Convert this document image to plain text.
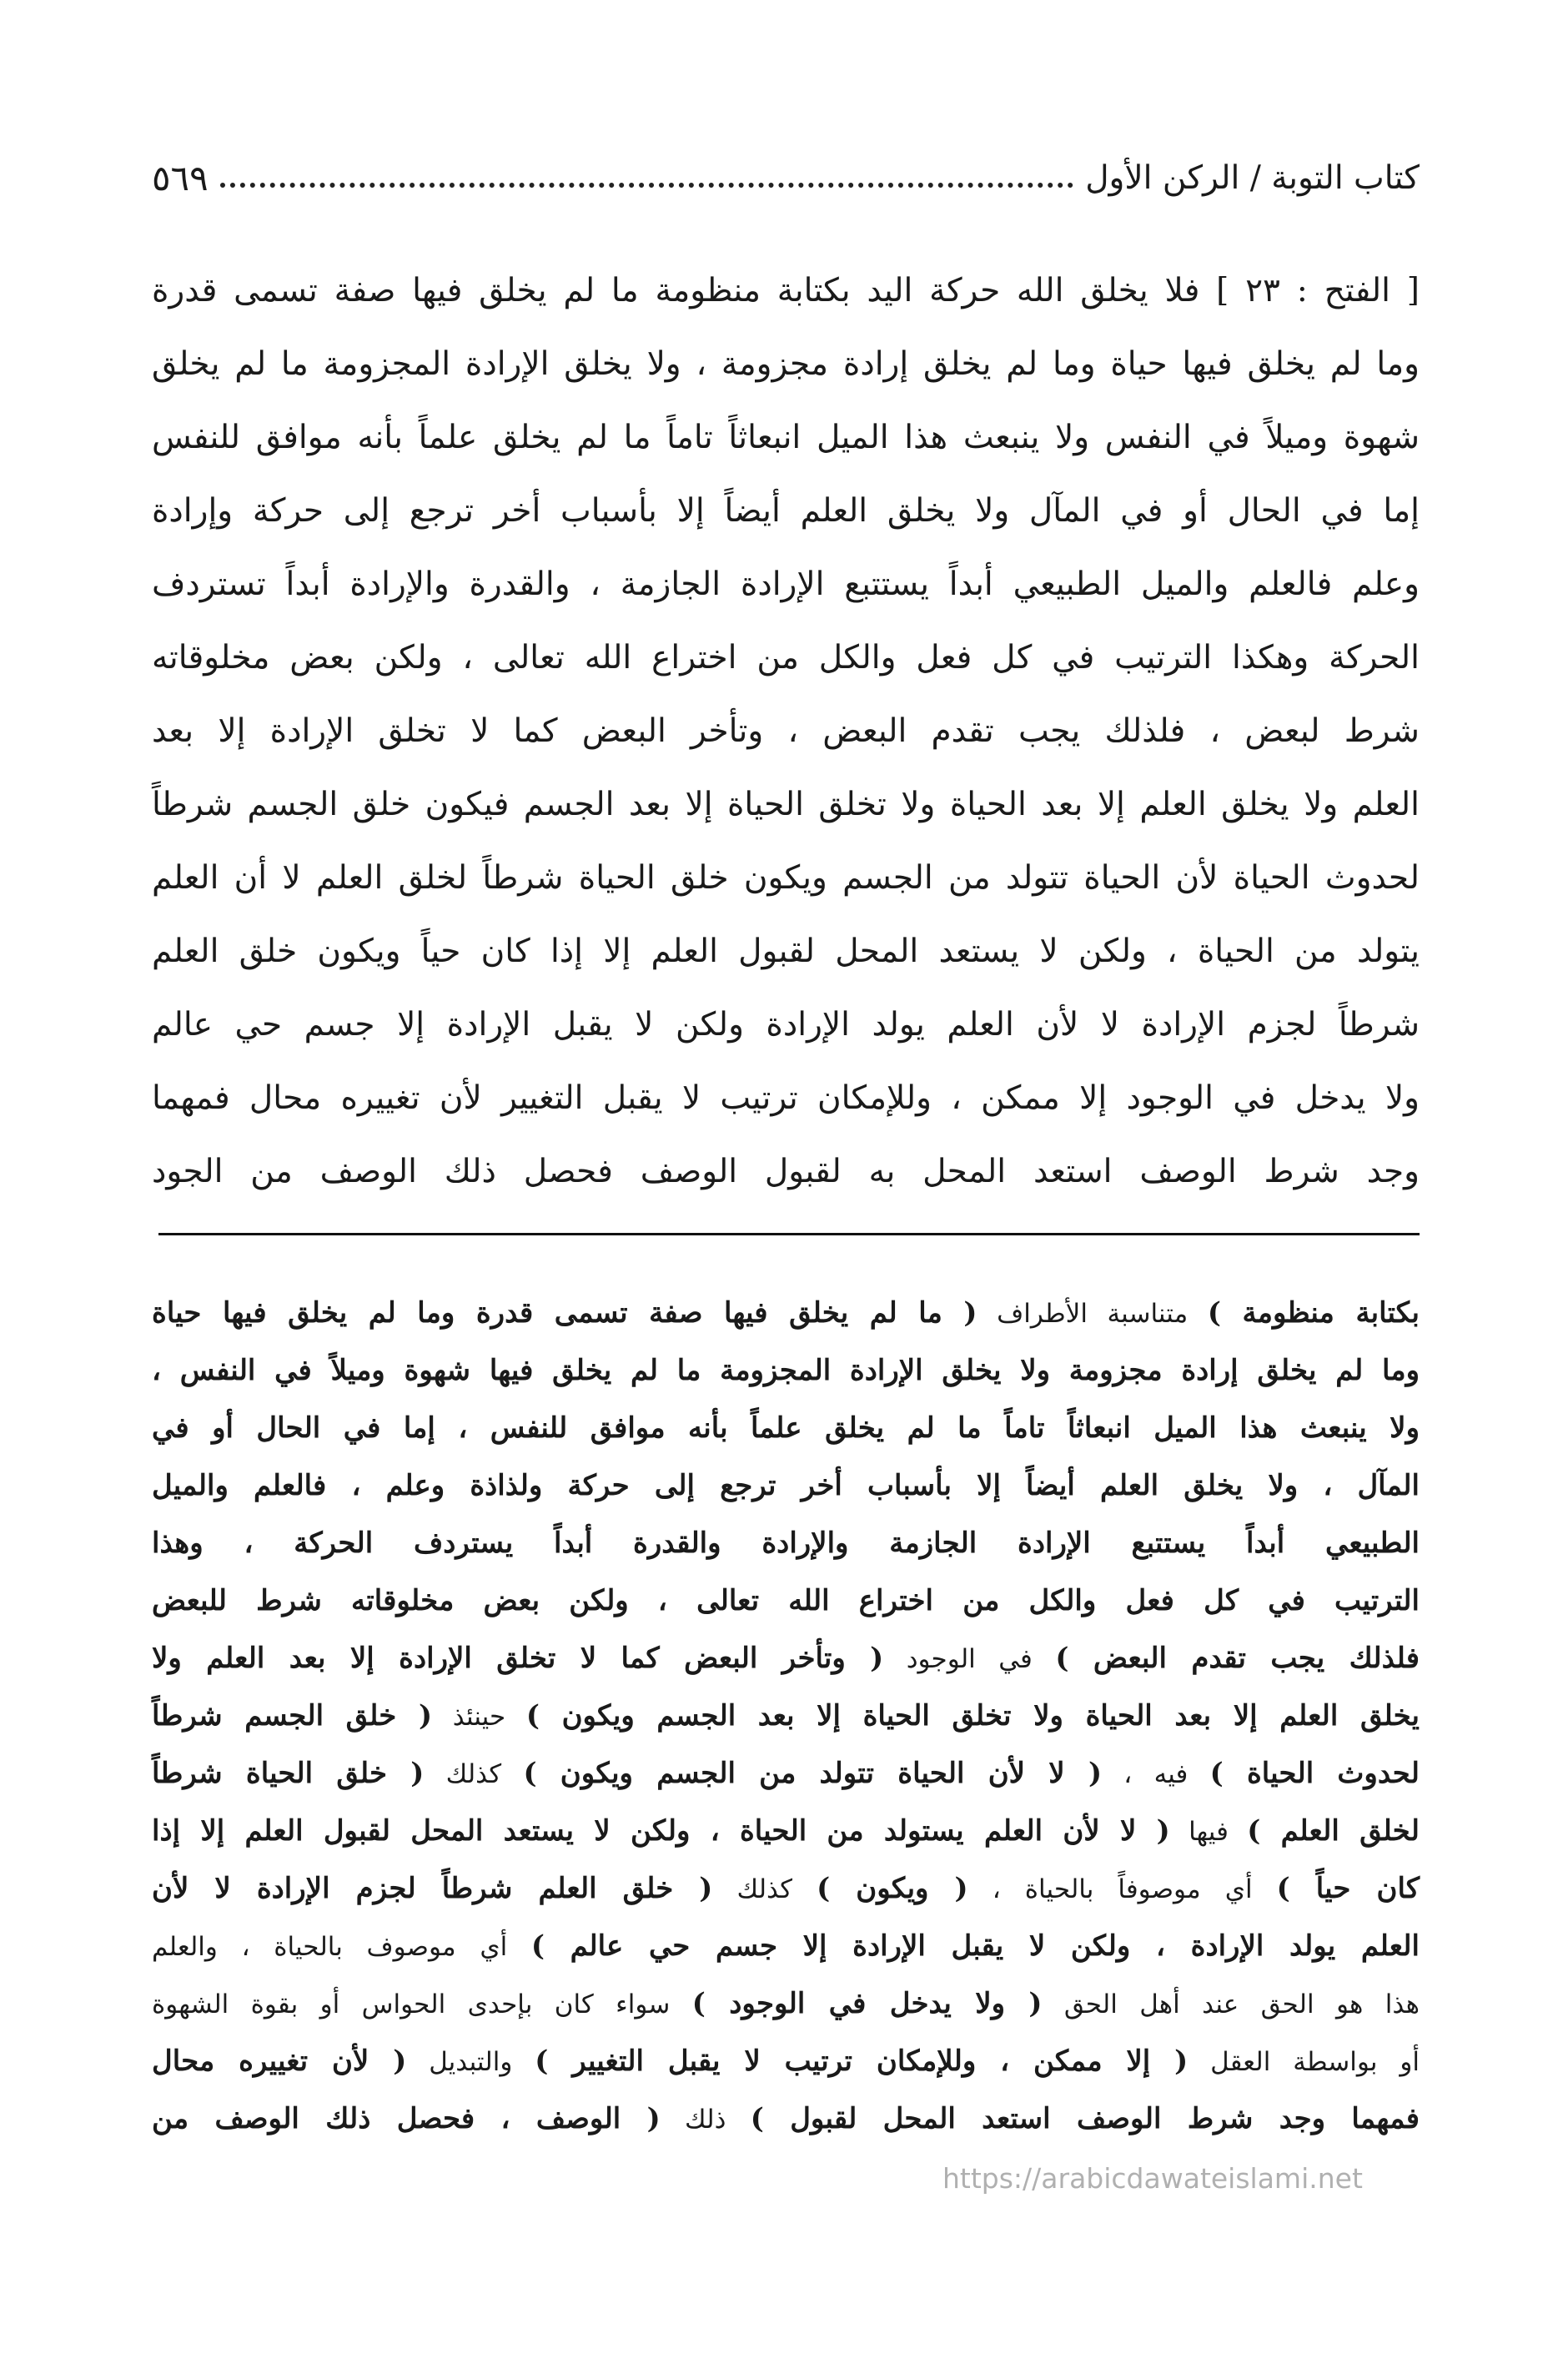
كتاب التوبة / الركن الأول
٥٦٩
[ الفتح : ٢٣ ] فلا يخلق الله حركة اليد بكتابة منظومة ما لم يخلق فيها صفة تسمى قدرة
وما لم يخلق فيها حياة وما لم يخلق إرادة مجزومة ، ولا يخلق الإرادة المجزومة ما لم يخلق
شهوة وميلاً في النفس ولا ينبعث هذا الميل انبعاثاً تاماً ما لم يخلق علماً بأنه موافق للنفس
إما في الحال أو في المآل ولا يخلق العلم أيضاً إلا بأسباب أخر ترجع إلى حركة وإرادة
وعلم فالعلم والميل الطبيعي أبداً يستتبع الإرادة الجازمة ، والقدرة والإرادة أبداً تستردف
الحركة وهكذا الترتيب في كل فعل والكل من اختراع الله تعالى ، ولكن بعض مخلوقاته
شرط لبعض ، فلذلك يجب تقدم البعض ، وتأخر البعض كما لا تخلق الإرادة إلا بعد
العلم ولا يخلق العلم إلا بعد الحياة ولا تخلق الحياة إلا بعد الجسم فيكون خلق الجسم شرطاً
لحدوث الحياة لأن الحياة تتولد من الجسم ويكون خلق الحياة شرطاً لخلق العلم لا أن العلم
يتولد من الحياة ، ولكن لا يستعد المحل لقبول العلم إلا إذا كان حياً ويكون خلق العلم
شرطاً لجزم الإرادة لا لأن العلم يولد الإرادة ولكن لا يقبل الإرادة إلا جسم حي عالم
ولا يدخل في الوجود إلا ممكن ، وللإمكان ترتيب لا يقبل التغيير لأن تغييره محال فمهما
وجد شرط الوصف استعد المحل به لقبول الوصف فحصل ذلك الوصف من الجود
بكتابة منظومة ) متناسبة الأطراف ( ما لم يخلق فيها صفة تسمى قدرة وما لم يخلق فيها حياة
وما لم يخلق إرادة مجزومة ولا يخلق الإرادة المجزومة ما لم يخلق فيها شهوة وميلاً في النفس ،
ولا ينبعث هذا الميل انبعاثاً تاماً ما لم يخلق علماً بأنه موافق للنفس ، إما في الحال أو في
المآل ، ولا يخلق العلم أيضاً إلا بأسباب أخر ترجع إلى حركة ولذاذة وعلم ، فالعلم والميل
الطبيعي أبداً يستتبع الإرادة الجازمة والإرادة والقدرة أبداً يستردف الحركة ، وهذا
الترتيب في كل فعل والكل من اختراع الله تعالى ، ولكن بعض مخلوقاته شرط للبعض
فلذلك يجب تقدم البعض ) في الوجود ( وتأخر البعض كما لا تخلق الإرادة إلا بعد العلم ولا
يخلق العلم إلا بعد الحياة ولا تخلق الحياة إلا بعد الجسم ويكون ) حينئذ ( خلق الجسم شرطاً
لحدوث الحياة ) فيه ، ( لا لأن الحياة تتولد من الجسم ويكون ) كذلك ( خلق الحياة شرطاً
لخلق العلم ) فيها ( لا لأن العلم يستولد من الحياة ، ولكن لا يستعد المحل لقبول العلم إلا إذا
كان حياً ) أي موصوفاً بالحياة ، ( ويكون ) كذلك ( خلق العلم شرطاً لجزم الإرادة لا لأن
العلم يولد الإرادة ، ولكن لا يقبل الإرادة إلا جسم حي عالم ) أي موصوف بالحياة ، والعلم
هذا هو الحق عند أهل الحق ( ولا يدخل في الوجود ) سواء كان بإحدى الحواس أو بقوة الشهوة
أو بواسطة العقل ( إلا ممكن ، وللإمكان ترتيب لا يقبل التغيير ) والتبديل ( لأن تغييره محال
فمهما وجد شرط الوصف استعد المحل لقبول ) ذلك ( الوصف ، فحصل ذلك الوصف من
https://arabicdawateislami.net
